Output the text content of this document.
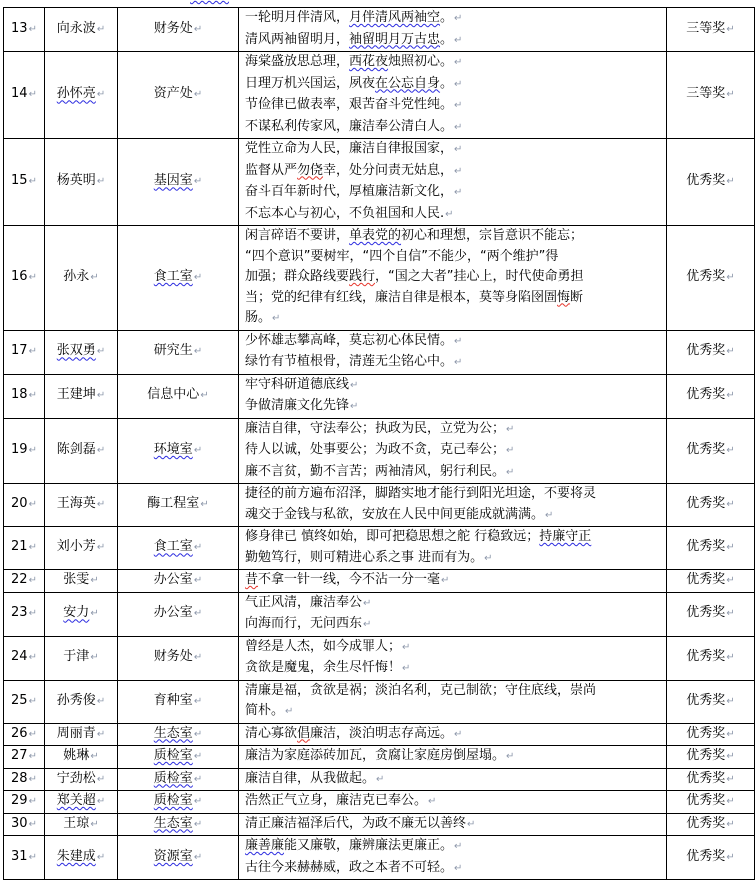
13↵	向永波↵	财务处↵	一轮明月伴清风，月伴清风两袖空。↵
清风两袖留明月，袖留明月万古忠。↵	三等奖↵
14↵	孙怀亮↵	资产处↵	海棠盛放思总理，西花夜烛照初心。↵
日理万机兴国运，夙夜在公忘自身。↵
节俭律已做表率，艰苦奋斗党性纯。↵
不谋私利传家风，廉洁奉公清白人。↵	三等奖↵
15↵	杨英明↵	基因室↵	党性立命为人民，廉洁自律报国家，↵
监督从严勿侥幸，处分问责无姑息，↵
奋斗百年新时代，厚植廉洁新文化，↵
不忘本心与初心，不负祖国和人民.↵	优秀奖↵
16↵	孙永↵	食工室↵	闲言碎语不要讲，单表党的初心和理想，宗旨意识不能忘；
“四个意识”要树牢，“四个自信”不能少，“两个维护”得
加强；群众路线要践行，“国之大者”挂心上，时代使命勇担
当；党的纪律有红线，廉洁自律是根本，莫等身陷囹圄悔断
肠。↵	优秀奖↵
17↵	张双勇↵	研究生↵	少怀雄志攀高峰，莫忘初心体民情。↵
绿竹有节植根骨，清莲无尘铭心中。↵	优秀奖↵
18↵	王建坤↵	信息中心↵	牢守科研道德底线↵
争做清廉文化先锋↵	优秀奖↵
19↵	陈剑磊↵	环境室↵	廉洁自律，守法奉公；执政为民，立党为公；↵
待人以诚，处事要公；为政不贪，克己奉公；↵
廉不言贫，勤不言苦；两袖清风，躬行利民。↵	优秀奖↵
20↵	王海英↵	酶工程室↵	捷径的前方遍布沼泽，脚踏实地才能行到阳光坦途，不要将灵
魂交于金钱与私欲，安放在人民中间更能成就满满。↵	优秀奖↵
21↵	刘小芳↵	食工室↵	修身律已 慎终如始，即可把稳思想之舵 行稳致远；持廉守正
勤勉笃行，则可精进心系之事 进而有为。↵	优秀奖↵
22↵	张雯↵	办公室↵	昔不拿一针一线，今不沾一分一毫↵	优秀奖↵
23↵	安力↵	办公室↵	气正风清，廉洁奉公↵
向海而行，无问西东↵	优秀奖↵
24↵	于津↵	财务处↵	曾经是人杰，如今成罪人；↵
贪欲是魔鬼，余生尽忏悔！↵	优秀奖↵
25↵	孙秀俊↵	育种室↵	清廉是福，贪欲是祸；淡泊名利，克己制欲；守住底线，崇尚
简朴。↵	优秀奖↵
26↵	周丽青↵	生态室↵	清心寡欲倡廉洁，淡泊明志存高远。↵	优秀奖↵
27↵	姚琳↵	质检室↵	廉洁为家庭添砖加瓦，贪腐让家庭房倒屋塌。↵	优秀奖↵
28↵	宁劲松↵	质检室↵	廉洁自律，从我做起。↵	优秀奖↵
29↵	郑关超↵	质检室↵	浩然正气立身，廉洁克已奉公。↵	优秀奖↵
30↵	王琼↵	生态室↵	清正廉洁福泽后代，为政不廉无以善终↵	优秀奖↵
31↵	朱建成↵	资源室↵	廉善廉能又廉敬，廉辨廉法更廉正。↵
古往今来赫赫威，政之本者不可轻。↵	优秀奖↵
